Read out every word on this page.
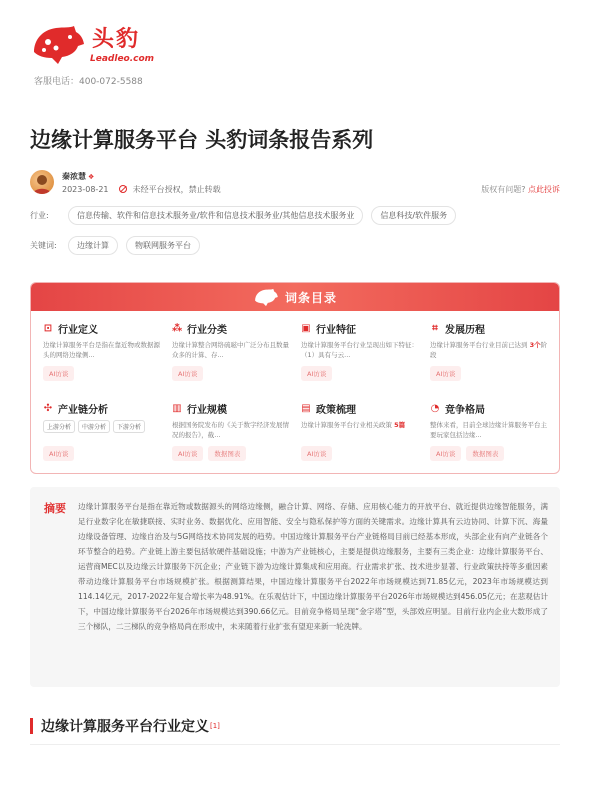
头豹
Leadleo.com
客服电话：400-072-5588
边缘计算服务平台 头豹词条报告系列
秦浓慧 ❖
2023-08-21	未经平台授权，禁止转载	版权有问题? 点此投诉
行业:	信息传输、软件和信息技术服务业/软件和信息技术服务业/其他信息技术服务业	信息科技/软件服务
关键词:	边缘计算	物联网服务平台
词条目录
⊡ 行业定义
边缘计算服务平台是指在靠近物或数据源头的网络边缘侧...
AI访谈
⁂ 行业分类
边缘计算整合网络硫嗞中广泛分布且数量众多的计算、存...
AI访谈
▣ 行业特征
边缘计算服务平台行业呈现出如下特征：（1）具有与云...
AI访谈
⌗ 发展历程
边缘计算服务平台行业目前已达到 3个阶段
AI访谈
✣ 产业链分析
上游分析	中游分析	下游分析
AI访谈
▥ 行业规模
根据国务院发布的《关于数字经济发展情况的报告》，截...
AI访谈	数据图表
▤ 政策梳理
边缘计算服务平台行业相关政策 5篇
AI访谈
◔ 竞争格局
整体来看，目前全球边缘计算服务平台主要玩家包括边缘...
AI访谈	数据图表
摘要 边缘计算服务平台是指在靠近物或数据源头的网络边缘侧，融合计算、网络、存储、应用核心能力的开放平台、就近提供边缘智能服务，满足行业数字化在敏捷联接、实时业务、数据优化、应用智能、安全与隐私保护等方面的关键需求。边缘计算具有云边协同、计算下沉、海量边缘设备管理、边缘自治及与5G网络技术协同发展的趋势。中国边缘计算服务平台产业链格局目前已经基本形成，头部企业有向产业链各个环节整合的趋势。产业链上游主要包括软硬件基础设施；中游为产业链核心，主要是提供边缘服务，主要有三类企业：边缘计算服务平台、运营商MEC以及边缘云计算服务下沉企业；产业链下游为边缘计算集成和应用商。行业需求扩张、技术进步显著、行业政策扶持等多重因素带动边缘计算服务平台市场规模扩张。根据测算结果，中国边缘计算服务平台2022年市场规模达到71.85亿元，2023年市场规模达到114.14亿元，2017-2022年复合增长率为48.91%。在乐观估计下，中国边缘计算服务平台2026年市场规模达到456.05亿元；在悲观估计下，中国边缘计算服务平台2026年市场规模达到390.66亿元。目前竞争格局呈现“金字塔”型，头部效应明显。目前行业内企业大数形成了三个梯队，二三梯队的竞争格局尚在形成中，未来随着行业扩张有望迎来新一轮洗牌。
边缘计算服务平台行业定义 [1]
